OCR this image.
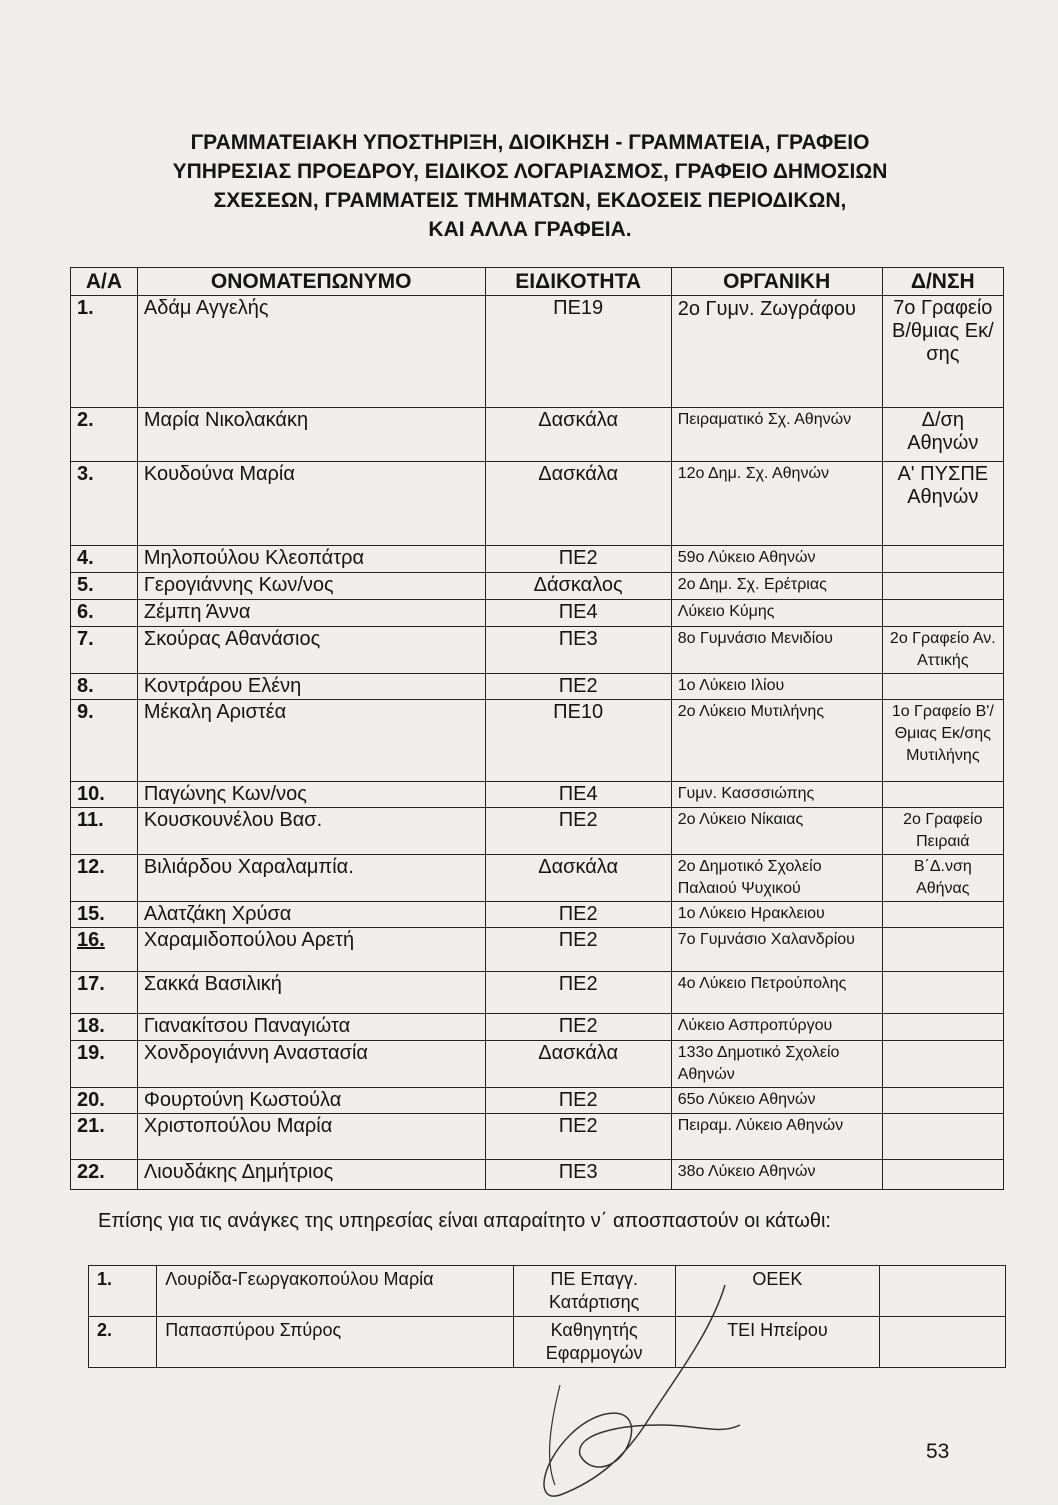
ΓΡΑΜΜΑΤΕΙΑΚΗ ΥΠΟΣΤΗΡΙΞΗ, ΔΙΟΙΚΗΣΗ - ΓΡΑΜΜΑΤΕΙΑ, ΓΡΑΦΕΙΟ
ΥΠΗΡΕΣΙΑΣ ΠΡΟΕΔΡΟΥ, ΕΙΔΙΚΟΣ ΛΟΓΑΡΙΑΣΜΟΣ, ΓΡΑΦΕΙΟ ΔΗΜΟΣΙΩΝ
ΣΧΕΣΕΩΝ, ΓΡΑΜΜΑΤΕΙΣ ΤΜΗΜΑΤΩΝ, ΕΚΔΟΣΕΙΣ ΠΕΡΙΟΔΙΚΩΝ,
ΚΑΙ ΑΛΛΑ ΓΡΑΦΕΙΑ.
Α/Α	ΟΝΟΜΑΤΕΠΩΝΥΜΟ	ΕΙΔΙΚΟΤΗΤΑ	ΟΡΓΑΝΙΚΗ	Δ/ΝΣΗ
1.	Αδάμ Αγγελής	ΠΕ19	2ο Γυμν. Ζωγράφου	7ο Γραφείο Β/θμιας Εκ/σης
2.	Μαρία Νικολακάκη	Δασκάλα	Πειραματικό Σχ. Αθηνών	Δ/ση Αθηνών
3.	Κουδούνα Μαρία	Δασκάλα	12ο Δημ. Σχ. Αθηνών	Α' ΠΥΣΠΕ Αθηνών
4.	Μηλοπούλου Κλεοπάτρα	ΠΕ2	59ο Λύκειο Αθηνών	
5.	Γερογιάννης Κων/νος	Δάσκαλος	2ο Δημ. Σχ. Ερέτριας	
6.	Ζέμπη Άννα	ΠΕ4	Λύκειο Κύμης	
7.	Σκούρας Αθανάσιος	ΠΕ3	8ο Γυμνάσιο Μενιδίου	2ο Γραφείο Αν. Αττικής
8.	Κοντράρου Ελένη	ΠΕ2	1ο Λύκειο Ιλίου	
9.	Μέκαλη Αριστέα	ΠΕ10	2ο Λύκειο Μυτιλήνης	1ο Γραφείο Β'/Θμιας Εκ/σης Μυτιλήνης
10.	Παγώνης Κων/νος	ΠΕ4	Γυμν. Κασσσιώπης	
11.	Κουσκουνέλου Βασ.	ΠΕ2	2ο Λύκειο Νίκαιας	2ο Γραφείο Πειραιά
12.	Βιλιάρδου Χαραλαμπία.	Δασκάλα	2ο Δημοτικό Σχολείο Παλαιού Ψυχικού	Β΄Δ.νση Αθήνας
15.	Αλατζάκη Χρύσα	ΠΕ2	1ο Λύκειο Ηρακλειου	
16.	Χαραμιδοπούλου Αρετή	ΠΕ2	7ο Γυμνάσιο Χαλανδρίου	
17.	Σακκά Βασιλική	ΠΕ2	4ο Λύκειο Πετρούπολης	
18.	Γιανακίτσου Παναγιώτα	ΠΕ2	Λύκειο Ασπροπύργου	
19.	Χονδρογιάννη Αναστασία	Δασκάλα	133ο Δημοτικό Σχολείο Αθηνών	
20.	Φουρτούνη Κωστούλα	ΠΕ2	65ο Λύκειο Αθηνών	
21.	Χριστοπούλου Μαρία	ΠΕ2	Πειραμ. Λύκειο Αθηνών	
22.	Λιουδάκης Δημήτριος	ΠΕ3	38ο Λύκειο Αθηνών	
Επίσης για τις ανάγκες της υπηρεσίας είναι απαραίτητο ν΄ αποσπαστούν οι κάτωθι:
1.	Λουρίδα-Γεωργακοπούλου Μαρία	ΠΕ Επαγγ. Κατάρτισης	ΟΕΕΚ	
2.	Παπασπύρου Σπύρος	Καθηγητής Εφαρμογών	ΤΕΙ Ηπείρου	
53
